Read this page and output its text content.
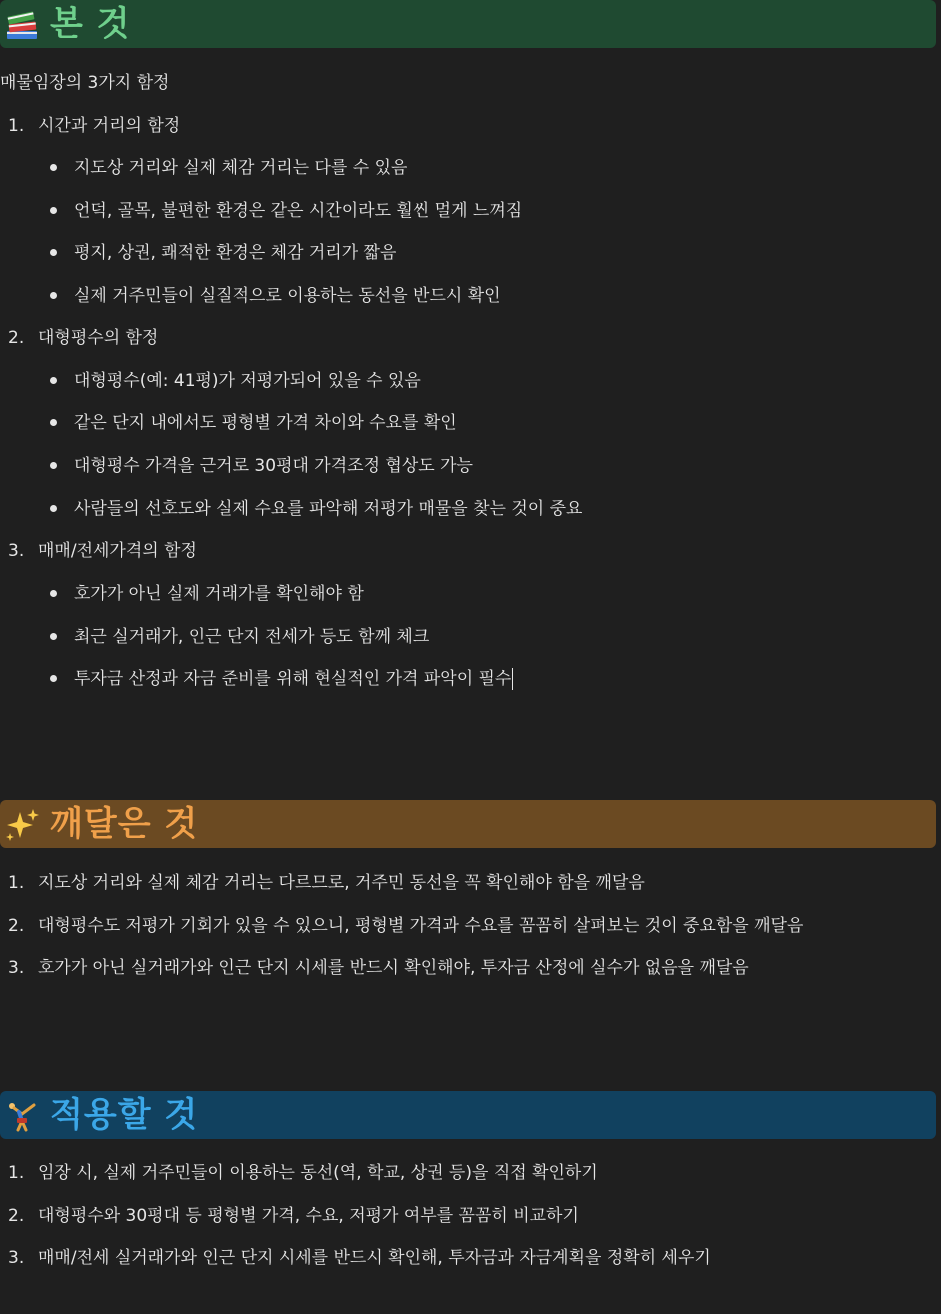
본 것
매물임장의 3가지 함정
1. 시간과 거리의 함정
지도상 거리와 실제 체감 거리는 다를 수 있음
언덕, 골목, 불편한 환경은 같은 시간이라도 훨씬 멀게 느껴짐
평지, 상권, 쾌적한 환경은 체감 거리가 짧음
실제 거주민들이 실질적으로 이용하는 동선을 반드시 확인
2. 대형평수의 함정
대형평수(예: 41평)가 저평가되어 있을 수 있음
같은 단지 내에서도 평형별 가격 차이와 수요를 확인
대형평수 가격을 근거로 30평대 가격조정 협상도 가능
사람들의 선호도와 실제 수요를 파악해 저평가 매물을 찾는 것이 중요
3. 매매/전세가격의 함정
호가가 아닌 실제 거래가를 확인해야 함
최근 실거래가, 인근 단지 전세가 등도 함께 체크
투자금 산정과 자금 준비를 위해 현실적인 가격 파악이 필수
깨달은 것
1. 지도상 거리와 실제 체감 거리는 다르므로, 거주민 동선을 꼭 확인해야 함을 깨달음
2. 대형평수도 저평가 기회가 있을 수 있으니, 평형별 가격과 수요를 꼼꼼히 살펴보는 것이 중요함을 깨달음
3. 호가가 아닌 실거래가와 인근 단지 시세를 반드시 확인해야, 투자금 산정에 실수가 없음을 깨달음
적용할 것
1. 임장 시, 실제 거주민들이 이용하는 동선(역, 학교, 상권 등)을 직접 확인하기
2. 대형평수와 30평대 등 평형별 가격, 수요, 저평가 여부를 꼼꼼히 비교하기
3. 매매/전세 실거래가와 인근 단지 시세를 반드시 확인해, 투자금과 자금계획을 정확히 세우기
